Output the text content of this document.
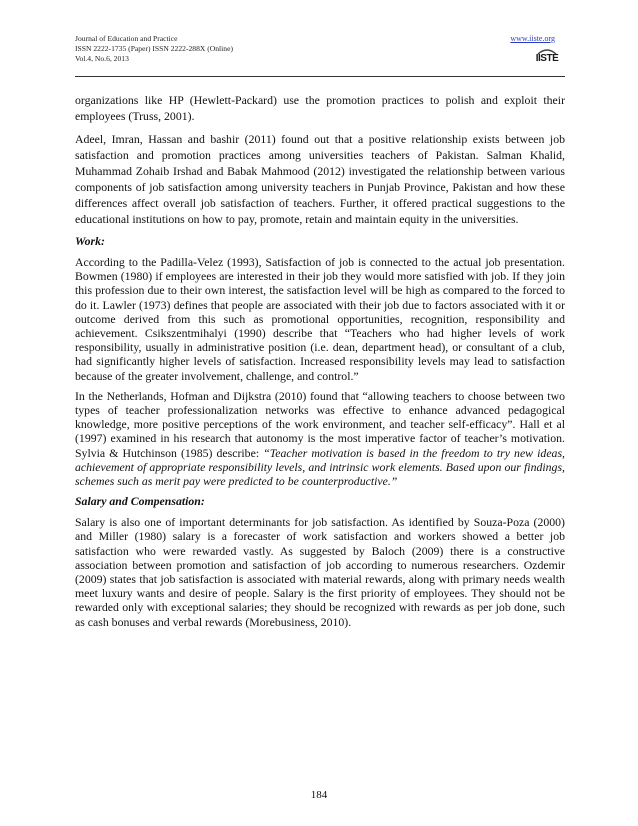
Journal of Education and Practice
ISSN 2222-1735 (Paper) ISSN 2222-288X (Online)
Vol.4, No.6, 2013
www.iiste.org
IISTE

organizations like HP (Hewlett-Packard) use the promotion practices to polish and exploit their employees (Truss, 2001).

Adeel, Imran, Hassan and bashir (2011) found out that a positive relationship exists between job satisfaction and promotion practices among universities teachers of Pakistan. Salman Khalid, Muhammad Zohaib Irshad and Babak Mahmood (2012) investigated the relationship between various components of job satisfaction among university teachers in Punjab Province, Pakistan and how these differences affect overall job satisfaction of teachers. Further, it offered practical suggestions to the educational institutions on how to pay, promote, retain and maintain equity in the universities.

Work:

According to the Padilla-Velez (1993), Satisfaction of job is connected to the actual job presentation. Bowmen (1980) if employees are interested in their job they would more satisfied with job. If they join this profession due to their own interest, the satisfaction level will be high as compared to the forced to do it. Lawler (1973) defines that people are associated with their job due to factors associated with it or outcome derived from this such as promotional opportunities, recognition, responsibility and achievement. Csikszentmihalyi (1990) describe that “Teachers who had higher levels of work responsibility, usually in administrative position (i.e. dean, department head), or consultant of a club, had significantly higher levels of satisfaction. Increased responsibility levels may lead to satisfaction because of the greater involvement, challenge, and control.”

In the Netherlands, Hofman and Dijkstra (2010) found that “allowing teachers to choose between two types of teacher professionalization networks was effective to enhance advanced pedagogical knowledge, more positive perceptions of the work environment, and teacher self-efficacy”. Hall et al (1997) examined in his research that autonomy is the most imperative factor of teacher’s motivation. Sylvia & Hutchinson (1985) describe: “Teacher motivation is based in the freedom to try new ideas, achievement of appropriate responsibility levels, and intrinsic work elements. Based upon our findings, schemes such as merit pay were predicted to be counterproductive.”

Salary and Compensation:

Salary is also one of important determinants for job satisfaction. As identified by Souza-Poza (2000) and Miller (1980) salary is a forecaster of work satisfaction and workers showed a better job satisfaction who were rewarded vastly. As suggested by Baloch (2009) there is a constructive association between promotion and satisfaction of job according to numerous researchers. Ozdemir (2009) states that job satisfaction is associated with material rewards, along with primary needs wealth meet luxury wants and desire of people. Salary is the first priority of employees. They should not be rewarded only with exceptional salaries; they should be recognized with rewards as per job done, such as cash bonuses and verbal rewards (Morebusiness, 2010).

184
